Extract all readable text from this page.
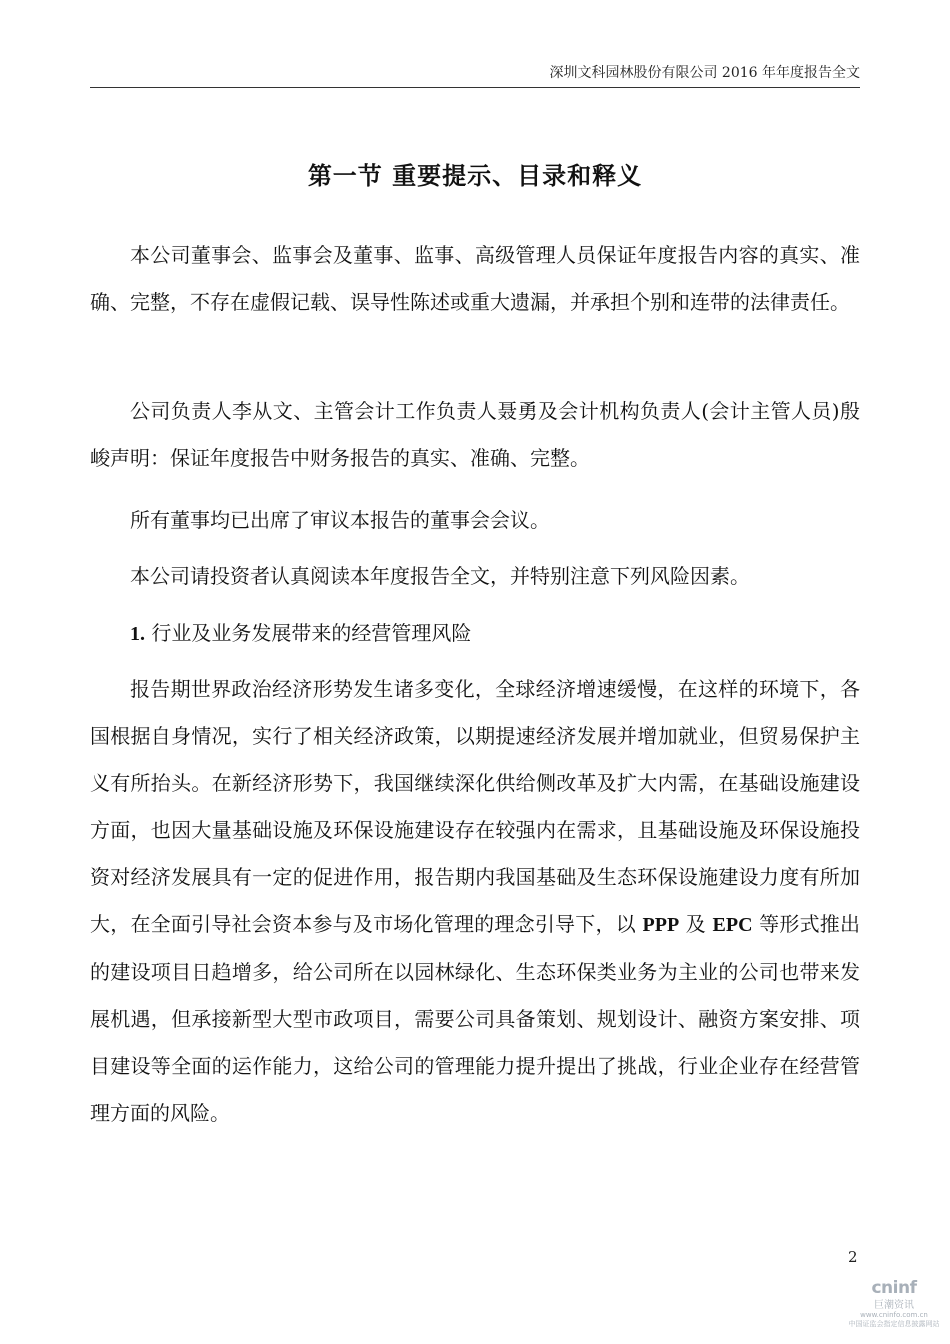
深圳文科园林股份有限公司 2016 年年度报告全文
第一节 重要提示、目录和释义

本公司董事会、监事会及董事、监事、高级管理人员保证年度报告内容的真实、准确、完整，不存在虚假记载、误导性陈述或重大遗漏，并承担个别和连带的法律责任。

公司负责人李从文、主管会计工作负责人聂勇及会计机构负责人(会计主管人员)殷峻声明：保证年度报告中财务报告的真实、准确、完整。

所有董事均已出席了审议本报告的董事会会议。

本公司请投资者认真阅读本年度报告全文，并特别注意下列风险因素。

1. 行业及业务发展带来的经营管理风险

报告期世界政治经济形势发生诸多变化，全球经济增速缓慢，在这样的环境下，各国根据自身情况，实行了相关经济政策，以期提速经济发展并增加就业，但贸易保护主义有所抬头。在新经济形势下，我国继续深化供给侧改革及扩大内需，在基础设施建设方面，也因大量基础设施及环保设施建设存在较强内在需求，且基础设施及环保设施投资对经济发展具有一定的促进作用，报告期内我国基础及生态环保设施建设力度有所加大，在全面引导社会资本参与及市场化管理的理念引导下，以 PPP 及 EPC 等形式推出的建设项目日趋增多，给公司所在以园林绿化、生态环保类业务为主业的公司也带来发展机遇，但承接新型大型市政项目，需要公司具备策划、规划设计、融资方案安排、项目建设等全面的运作能力，这给公司的管理能力提升提出了挑战，行业企业存在经营管理方面的风险。

2
cninf
巨潮资讯
www.cninfo.com.cn
中国证监会指定信息披露网站
